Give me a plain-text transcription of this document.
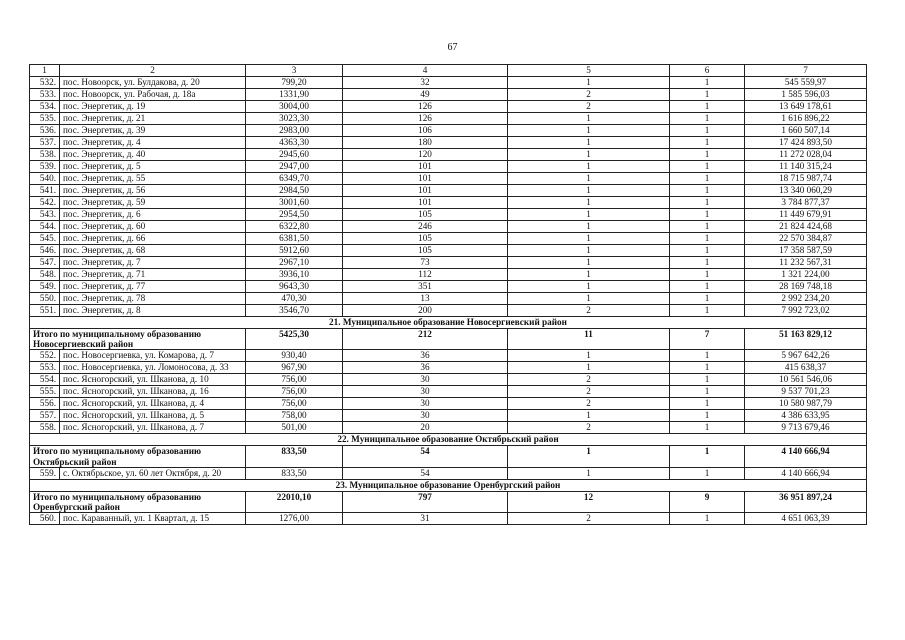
67
1	2	3	4	5	6	7
532.	пос. Новоорск, ул. Булдакова, д. 20	799,20	32	1	1	545 559,97
533.	пос. Новоорск, ул. Рабочая, д. 18а	1331,90	49	2	1	1 585 596,03
534.	пос. Энергетик, д. 19	3004,00	126	2	1	13 649 178,61
535.	пос. Энергетик, д. 21	3023,30	126	1	1	1 616 896,22
536.	пос. Энергетик, д. 39	2983,00	106	1	1	1 660 507,14
537.	пос. Энергетик, д. 4	4363,30	180	1	1	17 424 893,50
538.	пос. Энергетик, д. 40	2945,60	120	1	1	11 272 028,04
539.	пос. Энергетик, д. 5	2947,00	101	1	1	11 140 315,24
540.	пос. Энергетик, д. 55	6349,70	101	1	1	18 715 987,74
541.	пос. Энергетик, д. 56	2984,50	101	1	1	13 340 060,29
542.	пос. Энергетик, д. 59	3001,60	101	1	1	3 784 877,37
543.	пос. Энергетик, д. 6	2954,50	105	1	1	11 449 679,91
544.	пос. Энергетик, д. 60	6322,80	246	1	1	21 824 424,68
545.	пос. Энергетик, д. 66	6381,50	105	1	1	22 570 384,87
546.	пос. Энергетик, д. 68	5912,60	105	1	1	17 358 587,59
547.	пос. Энергетик, д. 7	2967,10	73	1	1	11 232 567,31
548.	пос. Энергетик, д. 71	3936,10	112	1	1	1 321 224,00
549.	пос. Энергетик, д. 77	9643,30	351	1	1	28 169 748,18
550.	пос. Энергетик, д. 78	470,30	13	1	1	2 992 234,20
551.	пос. Энергетик, д. 8	3546,70	200	2	1	7 992 723,02
21. Муниципальное образование Новосергиевский район						
Итого по муниципальному образованию Новосергиевский район		5425,30	212	11	7	51 163 829,12
552.	пос. Новосергиевка, ул. Комарова, д. 7	930,40	36	1	1	5 967 642,26
553.	пос. Новосергиевка, ул. Ломоносова, д. 33	967,90	36	1	1	415 638,37
554.	пос. Ясногорский, ул. Шканова, д. 10	756,00	30	2	1	10 561 546,06
555.	пос. Ясногорский, ул. Шканова, д. 16	756,00	30	2	1	9 537 701,23
556.	пос. Ясногорский, ул. Шканова, д. 4	756,00	30	2	1	10 580 987,79
557.	пос. Ясногорский, ул. Шканова, д. 5	758,00	30	1	1	4 386 633,95
558.	пос. Ясногорский, ул. Шканова, д. 7	501,00	20	2	1	9 713 679,46
22. Муниципальное образование Октябрьский район						
Итого по муниципальному образованию Октябрьский район		833,50	54	1	1	4 140 666,94
559.	с. Октябрьское, ул. 60 лет Октября, д. 20	833,50	54	1	1	4 140 666,94
23. Муниципальное образование Оренбургский район						
Итого по муниципальному образованию Оренбургский район		22010,10	797	12	9	36 951 897,24
560.	пос. Караванный, ул. 1 Квартал, д. 15	1276,00	31	2	1	4 651 063,39
